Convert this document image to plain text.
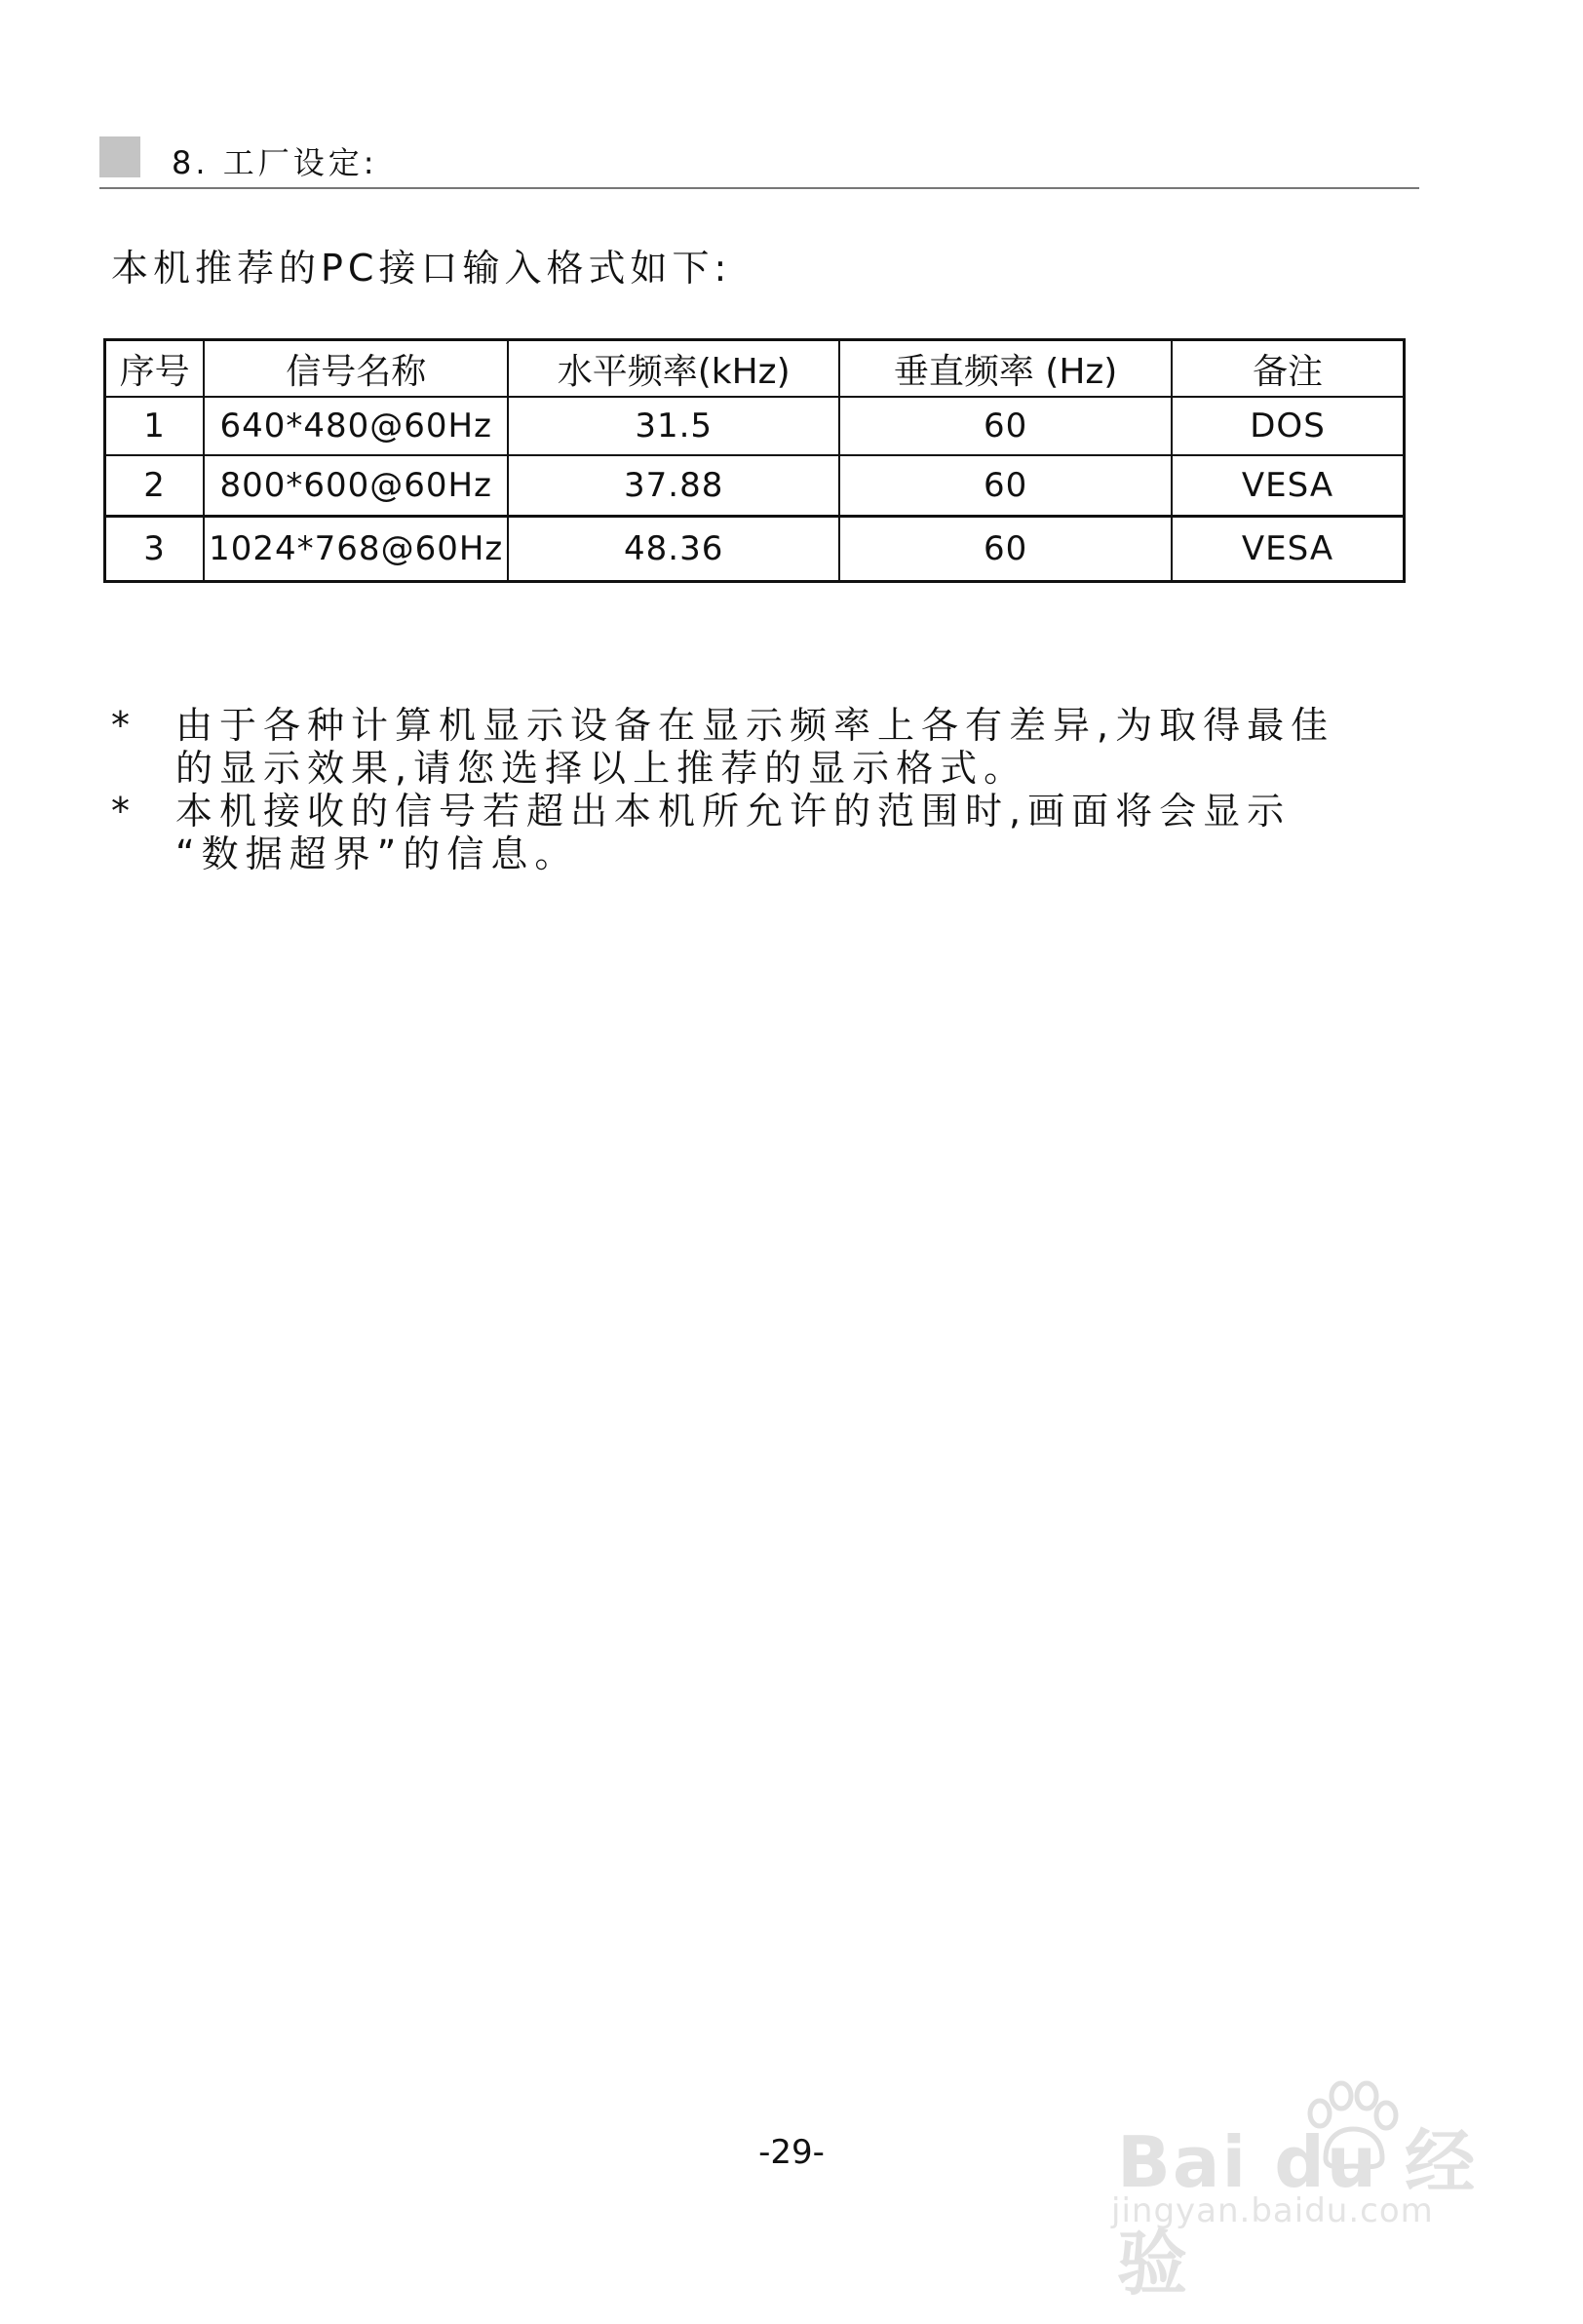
8. 工厂设定:
本机推荐的PC接口输入格式如下:
序号	信号名称	水平频率(kHz)	垂直频率 (Hz)	备注
1	640*480@60Hz	31.5	60	DOS
2	800*600@60Hz	37.88	60	VESA
3	1024*768@60Hz	48.36	60	VESA
* 由于各种计算机显示设备在显示频率上各有差异,为取得最佳
的显示效果,请您选择以上推荐的显示格式。
* 本机接收的信号若超出本机所允许的范围时,画面将会显示
“数据超界”的信息。
-29-	Bai du 经验
jingyan.baidu.com
